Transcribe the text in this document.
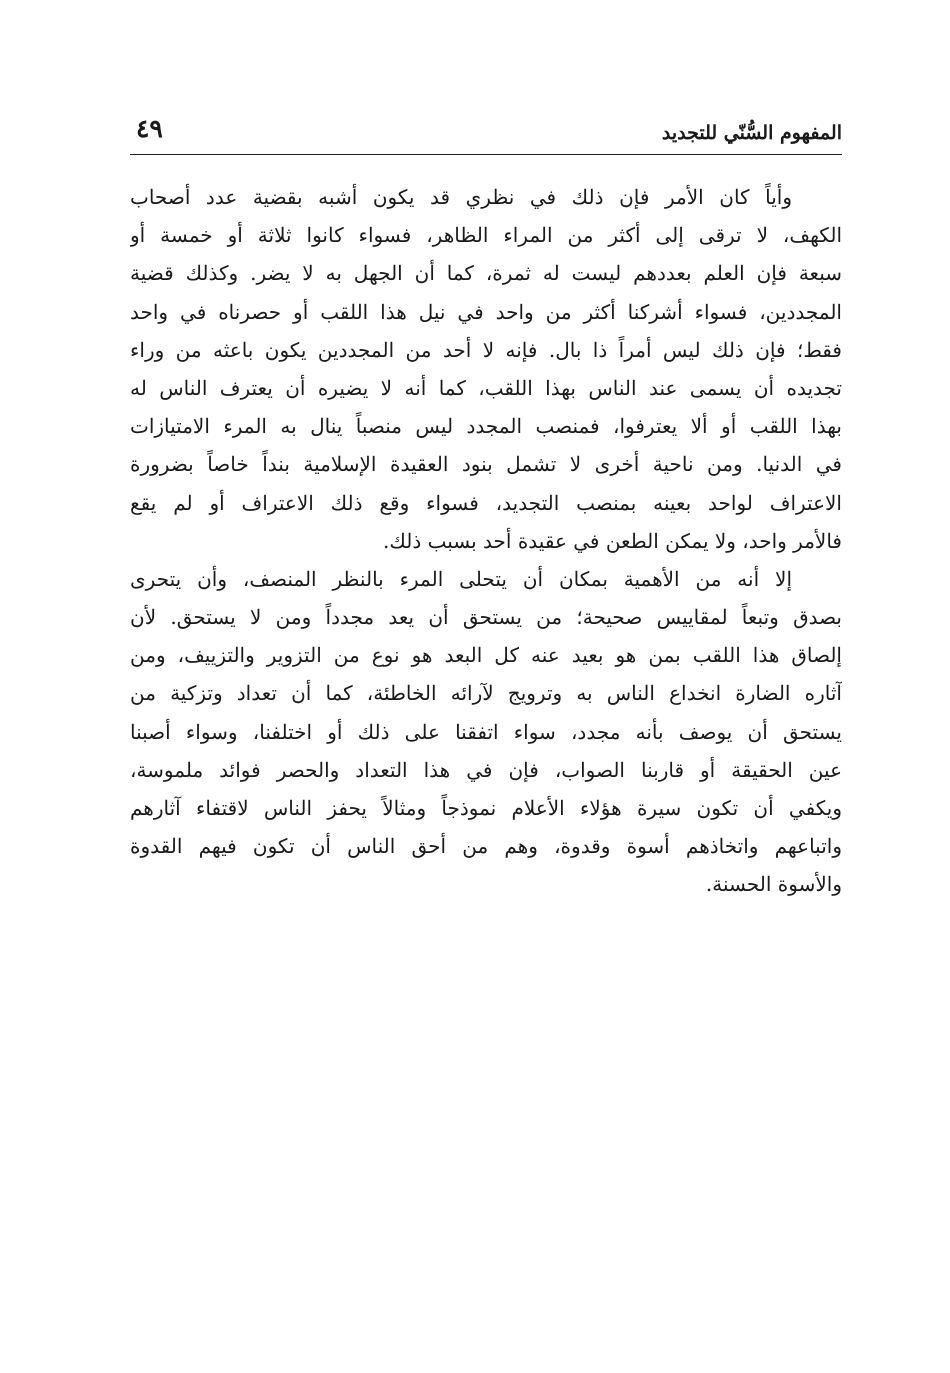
المفهوم السُّنّي للتجديد
٤٩
وأياً كان الأمر فإن ذلك في نظري قد يكون أشبه بقضية عدد أصحاب
الكهف، لا ترقى إلى أكثر من المراء الظاهر، فسواء كانوا ثلاثة أو خمسة أو
سبعة فإن العلم بعددهم ليست له ثمرة، كما أن الجهل به لا يضر. وكذلك قضية
المجددين، فسواء أشركنا أكثر من واحد في نيل هذا اللقب أو حصرناه في واحد
فقط؛ فإن ذلك ليس أمراً ذا بال. فإنه لا أحد من المجددين يكون باعثه من وراء
تجديده أن يسمى عند الناس بهذا اللقب، كما أنه لا يضيره أن يعترف الناس له
بهذا اللقب أو ألا يعترفوا، فمنصب المجدد ليس منصباً ينال به المرء الامتيازات
في الدنيا. ومن ناحية أخرى لا تشمل بنود العقيدة الإسلامية بنداً خاصاً بضرورة
الاعتراف لواحد بعينه بمنصب التجديد، فسواء وقع ذلك الاعتراف أو لم يقع
فالأمر واحد، ولا يمكن الطعن في عقيدة أحد بسبب ذلك.
إلا أنه من الأهمية بمكان أن يتحلى المرء بالنظر المنصف، وأن يتحرى
بصدق وتبعاً لمقاييس صحيحة؛ من يستحق أن يعد مجدداً ومن لا يستحق. لأن
إلصاق هذا اللقب بمن هو بعيد عنه كل البعد هو نوع من التزوير والتزييف، ومن
آثاره الضارة انخداع الناس به وترويج لآرائه الخاطئة، كما أن تعداد وتزكية من
يستحق أن يوصف بأنه مجدد، سواء اتفقنا على ذلك أو اختلفنا، وسواء أصبنا
عين الحقيقة أو قاربنا الصواب، فإن في هذا التعداد والحصر فوائد ملموسة،
ويكفي أن تكون سيرة هؤلاء الأعلام نموذجاً ومثالاً يحفز الناس لاقتفاء آثارهم
واتباعهم واتخاذهم أسوة وقدوة، وهم من أحق الناس أن تكون فيهم القدوة
والأسوة الحسنة.
